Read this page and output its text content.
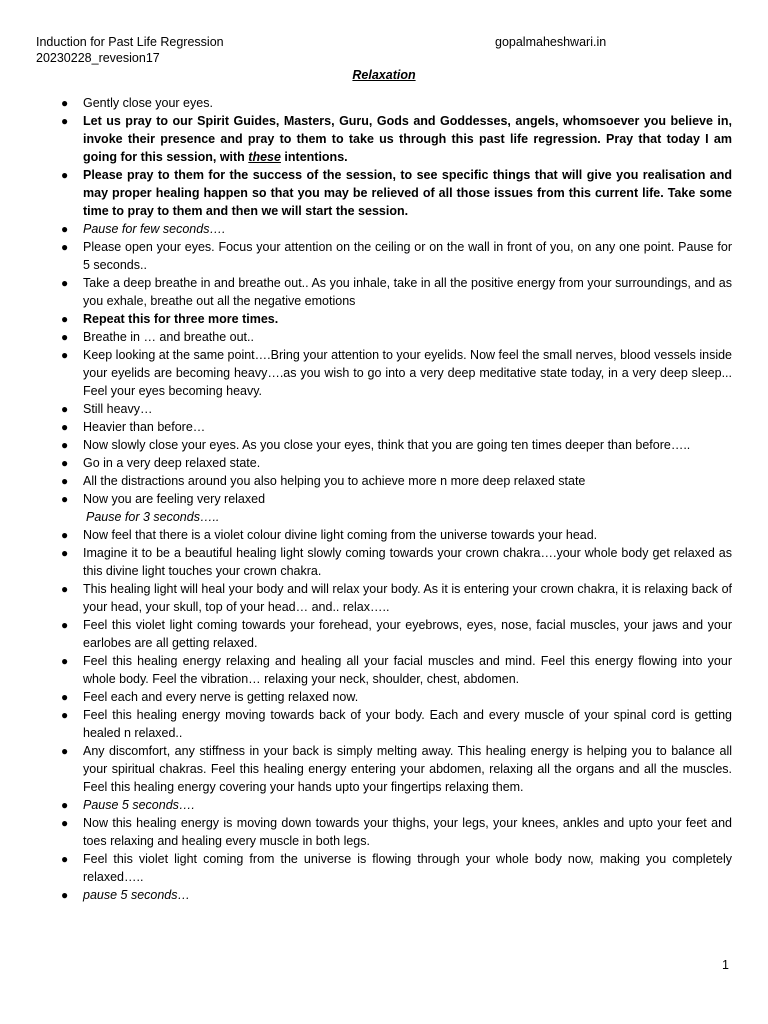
Induction for Past Life Regression
20230228_revesion17
gopalmaheshwari.in
Relaxation
● Gently close your eyes.
● Let us pray to our Spirit Guides, Masters, Guru, Gods and Goddesses, angels, whomsoever you believe in, invoke their presence and pray to them to take us through this past life regression. Pray that today I am going for this session, with these intentions.
● Please pray to them for the success of the session, to see specific things that will give you realisation and may proper healing happen so that you may be relieved of all those issues from this current life. Take some time to pray to them and then we will start the session.
● Pause for few seconds….
● Please open your eyes. Focus your attention on the ceiling or on the wall in front of you, on any one point. Pause for 5 seconds..
● Take a deep breathe in and breathe out.. As you inhale, take in all the positive energy from your surroundings, and as you exhale, breathe out all the negative emotions
● Repeat this for three more times.
● Breathe in … and breathe out..
● Keep looking at the same point….Bring your attention to your eyelids. Now feel the small nerves, blood vessels inside your eyelids are becoming heavy….as you wish to go into a very deep meditative state today, in a very deep sleep... Feel your eyes becoming heavy.
● Still heavy…
● Heavier than before…
● Now slowly close your eyes. As you close your eyes, think that you are going ten times deeper than before…..
● Go in a very deep relaxed state.
● All the distractions around you also helping you to achieve more n more deep relaxed state
● Now you are feeling very relaxed
Pause for 3 seconds…..
● Now feel that there is a violet colour divine light coming from the universe towards your head.
● Imagine it to be a beautiful healing light slowly coming towards your crown chakra….your whole body get relaxed as this divine light touches your crown chakra.
● This healing light will heal your body and will relax your body. As it is entering your crown chakra, it is relaxing back of your head, your skull, top of your head… and.. relax…..
● Feel this violet light coming towards your forehead, your eyebrows, eyes, nose, facial muscles, your jaws and your earlobes are all getting relaxed.
● Feel this healing energy relaxing and healing all your facial muscles and mind. Feel this energy flowing into your whole body. Feel the vibration… relaxing your neck, shoulder, chest, abdomen.
● Feel each and every nerve is getting relaxed now.
● Feel this healing energy moving towards back of your body. Each and every muscle of your spinal cord is getting healed n relaxed..
● Any discomfort, any stiffness in your back is simply melting away. This healing energy is helping you to balance all your spiritual chakras. Feel this healing energy entering your abdomen, relaxing all the organs and all the muscles. Feel this healing energy covering your hands upto your fingertips relaxing them.
● Pause 5 seconds….
● Now this healing energy is moving down towards your thighs, your legs, your knees, ankles and upto your feet and toes relaxing and healing every muscle in both legs.
● Feel this violet light coming from the universe is flowing through your whole body now, making you completely relaxed…..
● pause 5 seconds…
1
